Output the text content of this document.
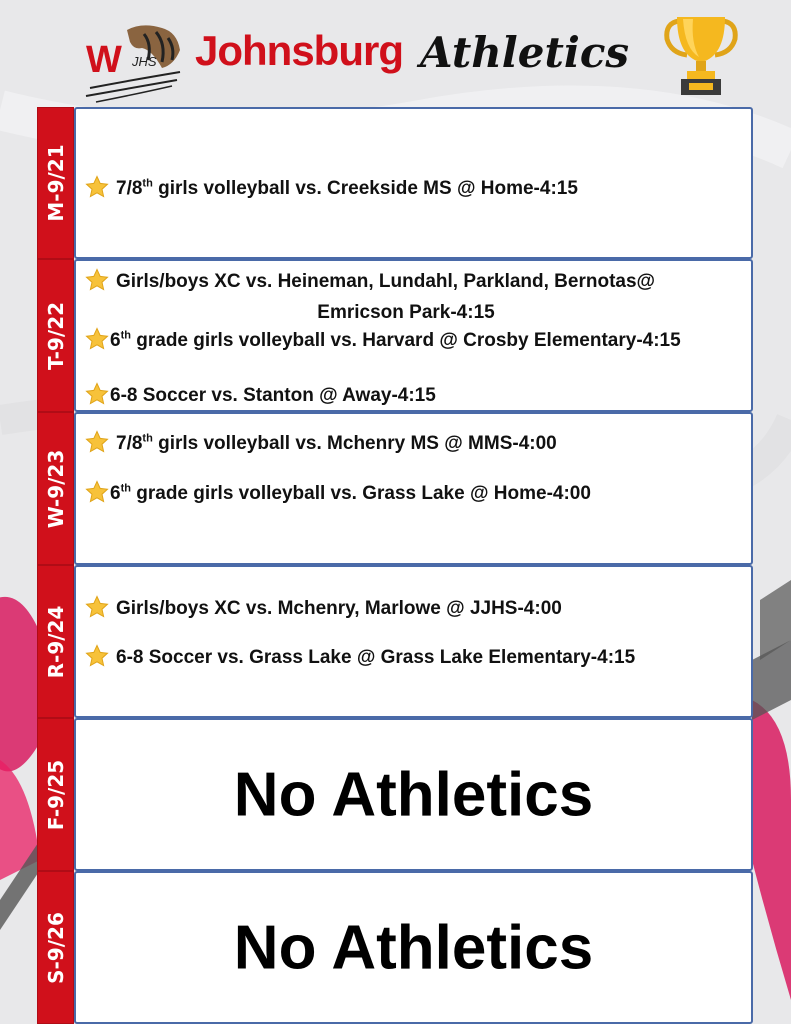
W JHS Johnsburg Athletics
M-9/21	7/8th girls volleyball vs. Creekside MS @ Home-4:15
T-9/22
Girls/boys XC vs. Heineman, Lundahl, Parkland, Bernotas@
Emricson Park-4:15
6th grade girls volleyball vs. Harvard @ Crosby Elementary-4:15
6-8 Soccer vs. Stanton @ Away-4:15
W-9/23
7/8th girls volleyball vs. Mchenry MS @ MMS-4:00
6th grade girls volleyball vs. Grass Lake @ Home-4:00
R-9/24	Girls/boys XC vs. Mchenry, Marlowe @ JJHS-4:00
6-8 Soccer vs. Grass Lake @ Grass Lake Elementary-4:15
F-9/25	No Athletics
S-9/26	No Athletics
